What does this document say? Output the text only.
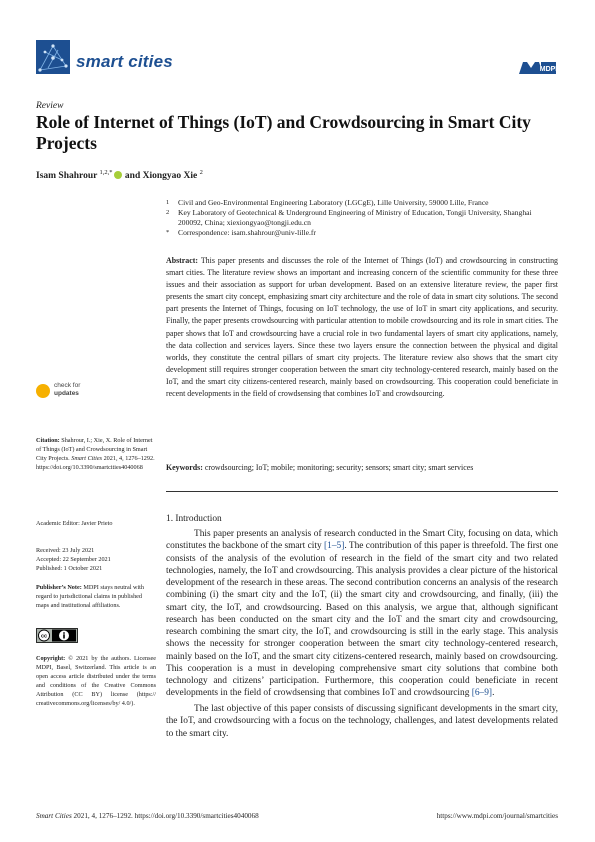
smart cities	MDPI
Review
Role of Internet of Things (IoT) and Crowdsourcing in Smart City Projects
Isam Shahrour $^{1,2,*}$ and Xiongyao Xie $^2$
1	Civil and Geo-Environmental Engineering Laboratory (LGCgE), Lille University, 59000 Lille, France
2	Key Laboratory of Geotechnical & Underground Engineering of Ministry of Education, Tongji University, Shanghai 200092, China; xiexiongyao@tongji.edu.cn
*	Correspondence: isam.shahrour@univ-lille.fr
Abstract: This paper presents and discusses the role of the Internet of Things (IoT) and crowdsourcing in constructing smart cities. The literature review shows an important and increasing concern of the scientific community for these three issues and their association as support for urban development. Based on an extensive literature review, the paper first presents the smart city concept, emphasizing smart city architecture and the role of data in smart city solutions. The second part presents the Internet of Things, focusing on IoT technology, the use of IoT in smart city applications, and security. Finally, the paper presents crowdsourcing with particular attention to mobile crowdsourcing and its role in smart cities. The paper shows that IoT and crowdsourcing have a crucial role in two fundamental layers of smart city applications, namely, the data collection and services layers. Since these two layers ensure the connection between the physical and digital worlds, they constitute the central pillars of smart city projects. The literature review also shows that the smart city development still requires stronger cooperation between the smart city technology-centered research, mainly based on the IoT, and the smart city citizens-centered research, mainly based on crowdsourcing. This cooperation could beneficiate in recent developments in the field of crowdsensing that combines IoT and crowdsourcing.
Keywords: crowdsourcing; IoT; mobile; monitoring; security; sensors; smart city; smart services
check for
updates
Citation: Shahrour, I.; Xie, X. Role of Internet of Things (IoT) and Crowdsourcing in Smart City Projects. Smart Cities 2021, 4, 1276–1292. https://doi.org/10.3390/smartcities4040068
Academic Editor: Javier Prieto
Received: 23 July 2021
Accepted: 22 September 2021
Published: 1 October 2021
Publisher’s Note: MDPI stays neutral with regard to jurisdictional claims in published maps and institutional affiliations.
cc
Copyright: © 2021 by the authors. Licensee MDPI, Basel, Switzerland. This article is an open access article distributed under the terms and conditions of the Creative Commons Attribution (CC BY) license (https:// creativecommons.org/licenses/by/ 4.0/).
1. Introduction
This paper presents an analysis of research conducted in the Smart City, focusing on data, which constitutes the backbone of the smart city [1–5]. The contribution of this paper is threefold. The first one consists of the analysis of the evolution of research in the field of the smart city and two related technologies, namely, the IoT and crowdsourcing. This analysis provides a clear picture of the historical development of the research in these areas. The second contribution concerns an analysis of the research combining (i) the smart city and the IoT, (ii) the smart city and crowdsourcing, and finally, (iii) the smart city, the IoT, and crowdsourcing. Based on this analysis, we argue that, although significant research has been conducted on the smart city and the IoT and the smart city and crowdsourcing, research combining the smart city, the IoT, and crowdsourcing is still in the early stage. This analysis shows the necessity for stronger cooperation between the smart city technology-centered research, mainly based on the IoT, and the smart city citizens-centered research, mainly based on crowdsourcing. This cooperation is a must in developing comprehensive smart city solutions that combine both technology and citizens’ participation. Furthermore, this cooperation could beneficiate in recent developments in the field of crowdsensing that combines IoT and crowdsourcing [6–9].
The last objective of this paper consists of discussing significant developments in the smart city, the IoT, and crowdsourcing with a focus on the technology, challenges, and latest developments related to the smart city.
Smart Cities 2021, 4, 1276–1292. https://doi.org/10.3390/smartcities4040068	https://www.mdpi.com/journal/smartcities
